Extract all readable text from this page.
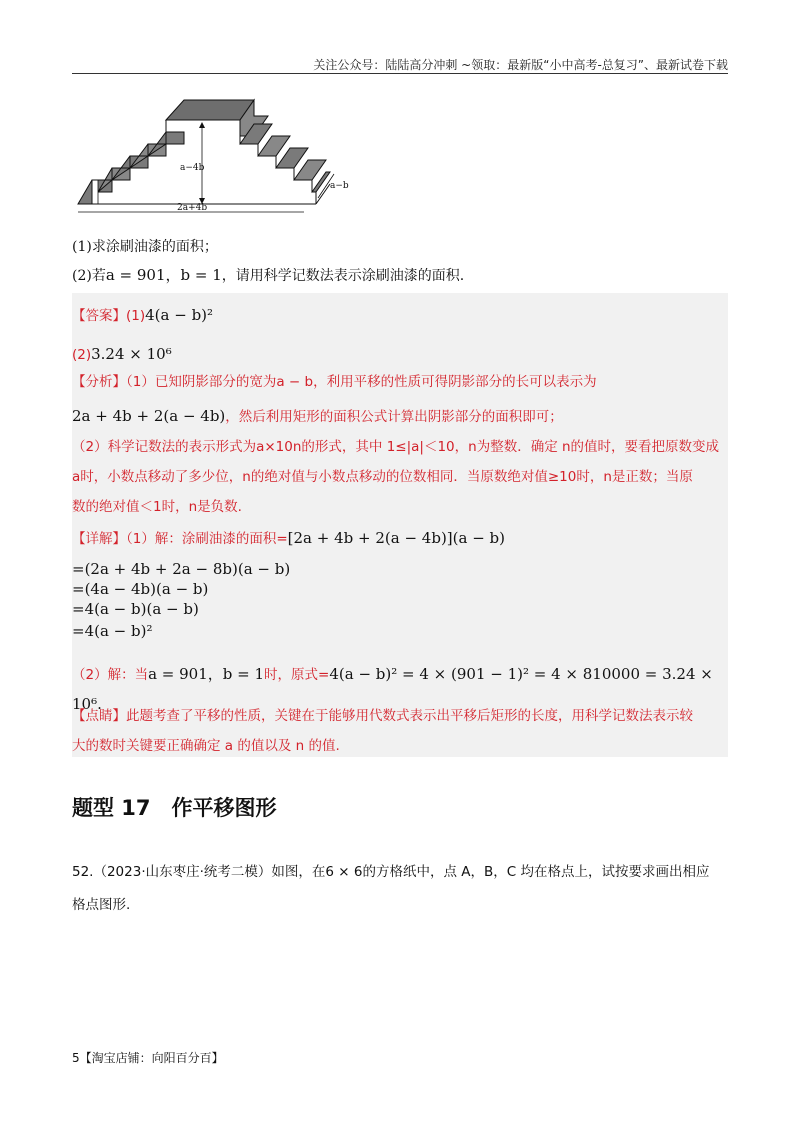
关注公众号：陆陆高分冲刺 ~领取：最新版“小中高考-总复习”、最新试卷下载
a−4b
2a+4b
a−b
(1)求涂刷油漆的面积；
(2)若a = 901，b = 1，请用科学记数法表示涂刷油漆的面积.
【答案】(1)4(a − b)²
(2)3.24 × 10⁶
【分析】（1）已知阴影部分的宽为a − b，利用平移的性质可得阴影部分的长可以表示为
2a + 4b + 2(a − 4b)，然后利用矩形的面积公式计算出阴影部分的面积即可；
（2）科学记数法的表示形式为a×10n的形式，其中 1≤|a|＜10，n为整数．确定 n的值时，要看把原数变成
a时，小数点移动了多少位，n的绝对值与小数点移动的位数相同．当原数绝对值≥10时，n是正数；当原
数的绝对值＜1时，n是负数.
【详解】（1）解：涂刷油漆的面积=[2a + 4b + 2(a − 4b)](a − b)
=(2a + 4b + 2a − 8b)(a − b)
=(4a − 4b)(a − b)
=4(a − b)(a − b)
=4(a − b)²
（2）解：当a = 901，b = 1时，原式=4(a − b)² = 4 × (901 − 1)² = 4 × 810000 = 3.24 × 10⁶.
【点睛】此题考查了平移的性质，关键在于能够用代数式表示出平移后矩形的长度，用科学记数法表示较
大的数时关键要正确确定 a 的值以及 n 的值.
题型 17　作平移图形
52.（2023·山东枣庄·统考二模）如图，在6 × 6的方格纸中，点 A，B，C 均在格点上，试按要求画出相应
格点图形.
5【淘宝店铺：向阳百分百】
